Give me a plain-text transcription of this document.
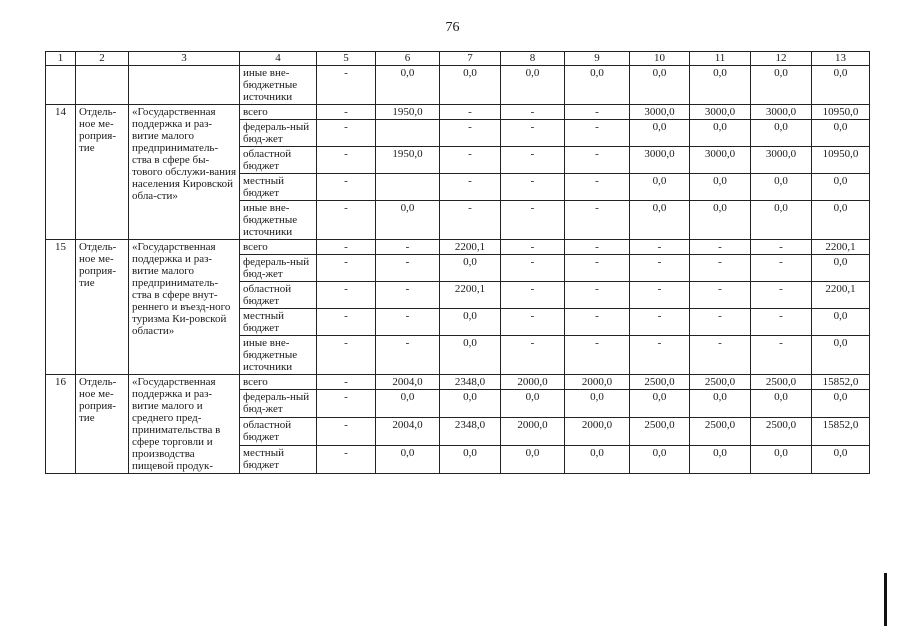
76
1	2	3	4	5	6	7	8	9	10	11	12	13
			иные вне-бюджетные источники	-	0,0	0,0	0,0	0,0	0,0	0,0	0,0	0,0
14	Отдель-ное ме-роприя-тие	«Государственная поддержка и раз-витие малого предприниматель-ства в сфере бы-тового обслужи-вания населения Кировской обла-сти»	всего	-	1950,0	-	-	-	3000,0	3000,0	3000,0	10950,0
			федераль-ный бюд-жет	-		-	-	-	0,0	0,0	0,0	0,0
			областной бюджет	-	1950,0	-	-	-	3000,0	3000,0	3000,0	10950,0
			местный бюджет	-		-	-	-	0,0	0,0	0,0	0,0
			иные вне-бюджетные источники	-	0,0	-	-	-	0,0	0,0	0,0	0,0
15	Отдель-ное ме-роприя-тие	«Государственная поддержка и раз-витие малого предприниматель-ства в сфере внут-реннего и въезд-ного туризма Ки-ровской области»	всего	-	-	2200,1	-	-	-	-	-	2200,1
			федераль-ный бюд-жет	-	-	0,0	-	-	-	-	-	0,0
			областной бюджет	-	-	2200,1	-	-	-	-	-	2200,1
			местный бюджет	-	-	0,0	-	-	-	-	-	0,0
			иные вне-бюджетные источники	-	-	0,0	-	-	-	-	-	0,0
16	Отдель-ное ме-роприя-тие	«Государственная поддержка и раз-витие малого и среднего пред-принимательства в сфере торговли и производства пищевой продук-	всего	-	2004,0	2348,0	2000,0	2000,0	2500,0	2500,0	2500,0	15852,0
			федераль-ный бюд-жет	-	0,0	0,0	0,0	0,0	0,0	0,0	0,0	0,0
			областной бюджет	-	2004,0	2348,0	2000,0	2000,0	2500,0	2500,0	2500,0	15852,0
			местный бюджет	-	0,0	0,0	0,0	0,0	0,0	0,0	0,0	0,0
